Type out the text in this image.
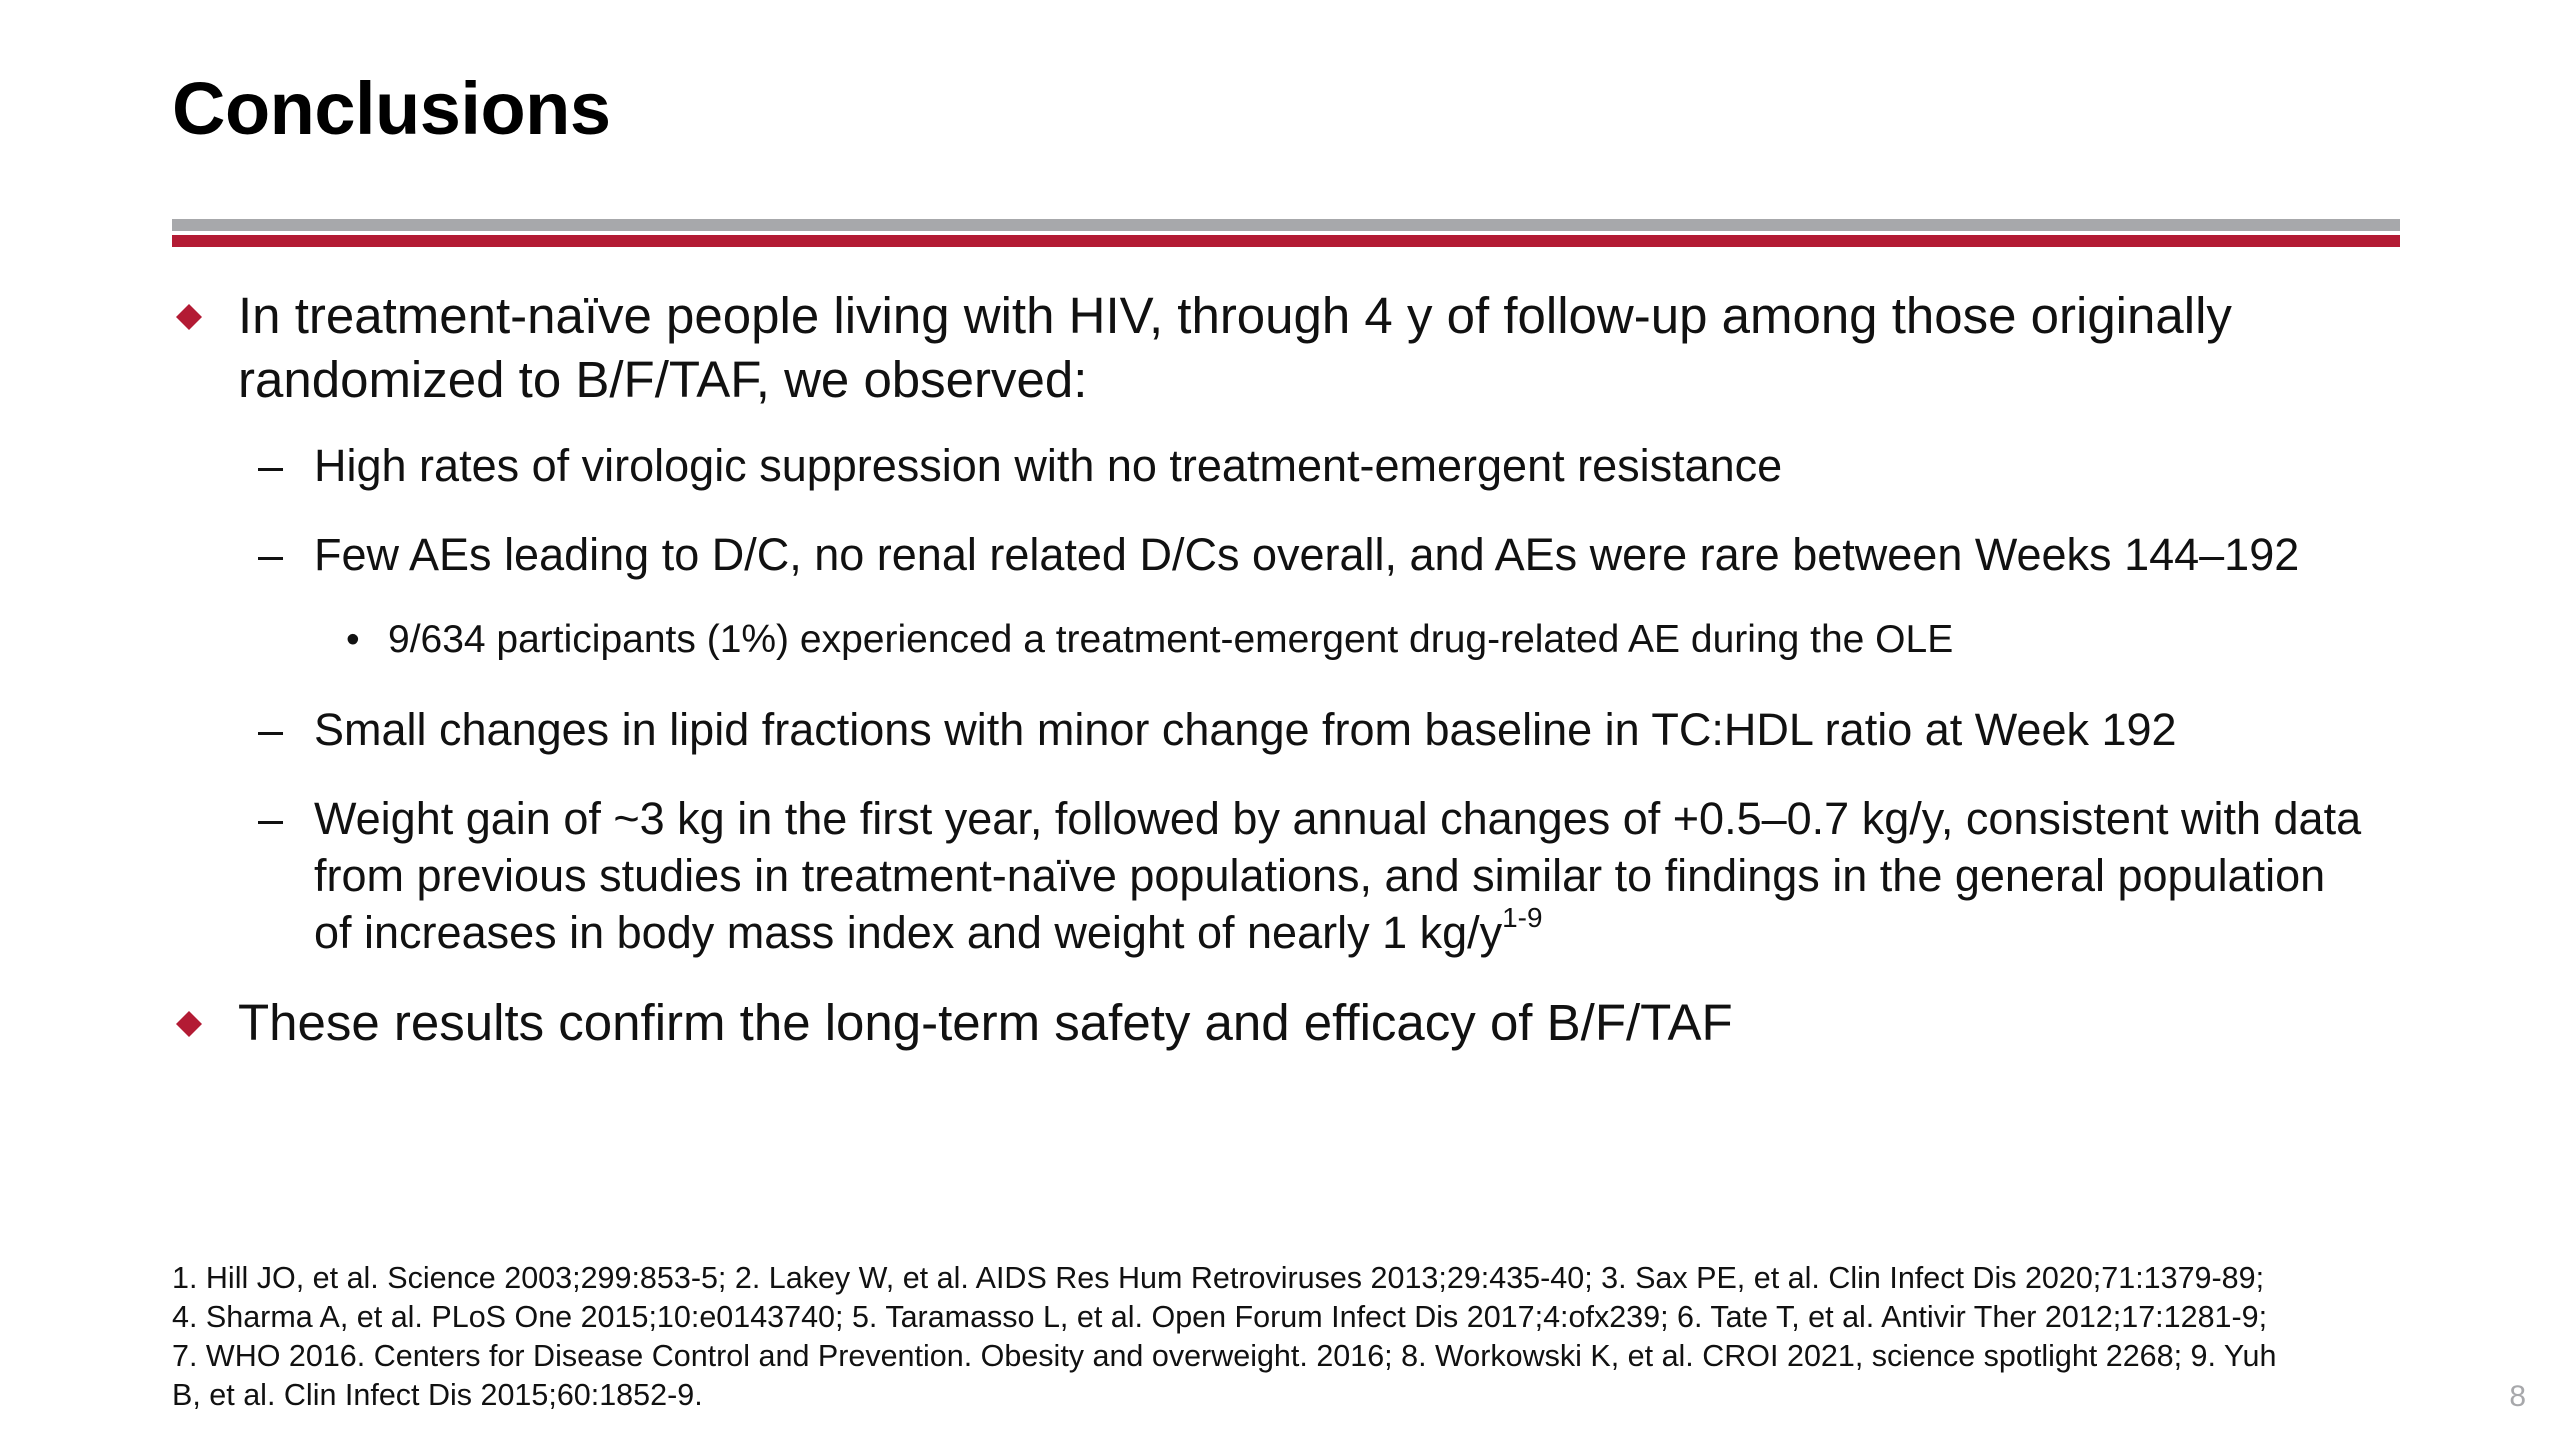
Conclusions
In treatment-naïve people living with HIV, through 4 y of follow-up among those originally randomized to B/F/TAF, we observed:
– High rates of virologic suppression with no treatment-emergent resistance
– Few AEs leading to D/C, no renal related D/Cs overall, and AEs were rare between Weeks 144–192
• 9/634 participants (1%) experienced a treatment-emergent drug-related AE during the OLE
– Small changes in lipid fractions with minor change from baseline in TC:HDL ratio at Week 192
– Weight gain of ~3 kg in the first year, followed by annual changes of +0.5–0.7 kg/y, consistent with data from previous studies in treatment-naïve populations, and similar to findings in the general population of increases in body mass index and weight of nearly 1 $kg/y^{1-9}$
These results confirm the long-term safety and efficacy of B/F/TAF
1. Hill JO, et al. Science 2003;299:853-5; 2. Lakey W, et al. AIDS Res Hum Retroviruses 2013;29:435-40; 3. Sax PE, et al. Clin Infect Dis 2020;71:1379-89;
4. Sharma A, et al. PLoS One 2015;10:e0143740; 5. Taramasso L, et al. Open Forum Infect Dis 2017;4:ofx239; 6. Tate T, et al. Antivir Ther 2012;17:1281-9;
7. WHO 2016. Centers for Disease Control and Prevention. Obesity and overweight. 2016; 8. Workowski K, et al. CROI 2021, science spotlight 2268; 9. Yuh
B, et al. Clin Infect Dis 2015;60:1852-9.	8
